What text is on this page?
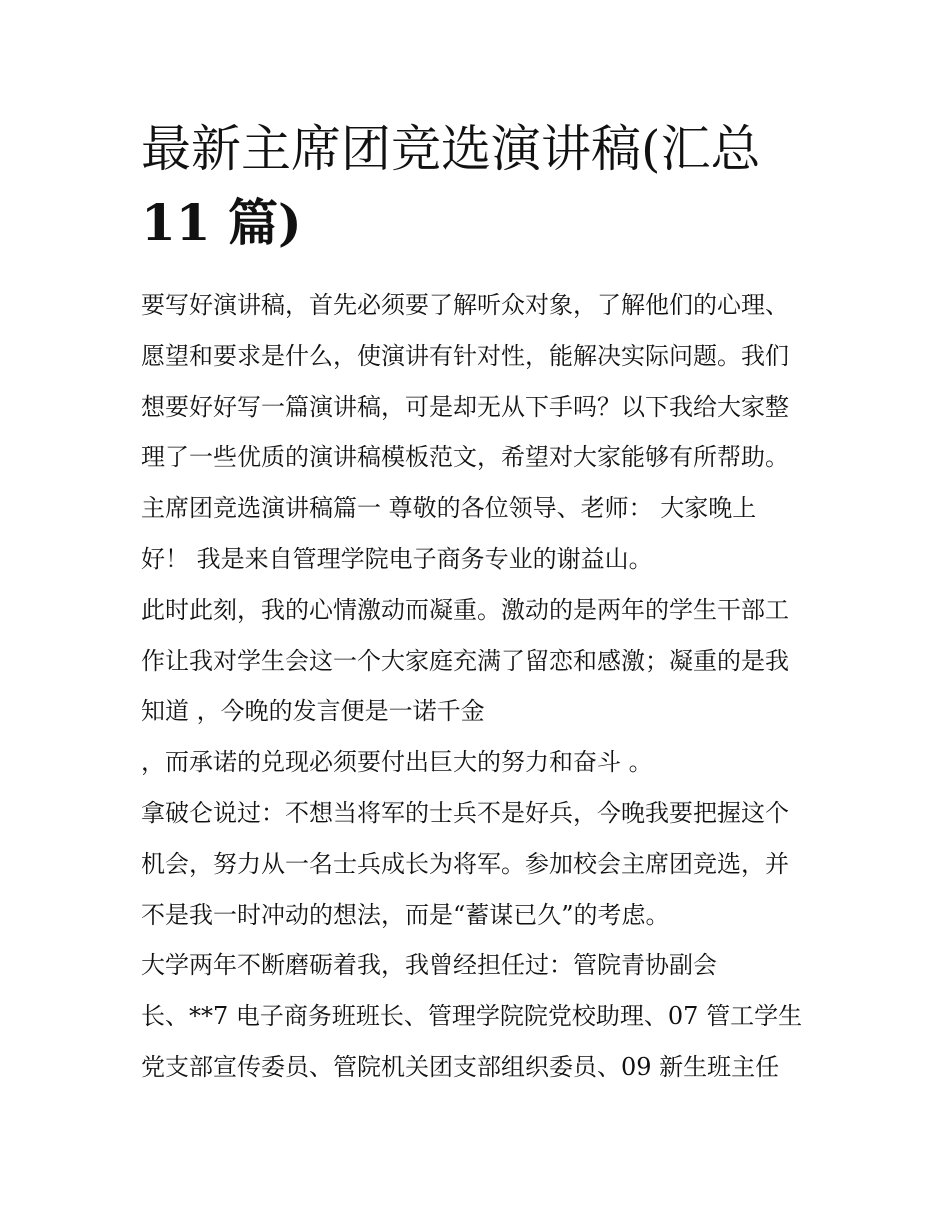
最新主席团竞选演讲稿(汇总
11 篇)
要写好演讲稿，首先必须要了解听众对象，了解他们的心理、
愿望和要求是什么，使演讲有针对性，能解决实际问题。我们
想要好好写一篇演讲稿，可是却无从下手吗？以下我给大家整
理了一些优质的演讲稿模板范文，希望对大家能够有所帮助。
主席团竞选演讲稿篇一 尊敬的各位领导、老师： 大家晚上
好！ 我是来自管理学院电子商务专业的谢益山。
此时此刻，我的心情激动而凝重。激动的是两年的学生干部工
作让我对学生会这一个大家庭充满了留恋和感激；凝重的是我
知道 ，今晚的发言便是一诺千金
，而承诺的兑现必须要付出巨大的努力和奋斗 。
拿破仑说过：不想当将军的士兵不是好兵，今晚我要把握这个
机会，努力从一名士兵成长为将军。参加校会主席团竞选，并
不是我一时冲动的想法，而是“蓄谋已久”的考虑。
大学两年不断磨砺着我，我曾经担任过：管院青协副会
长、**7 电子商务班班长、管理学院院党校助理、07 管工学生
党支部宣传委员、管院机关团支部组织委员、09 新生班主任
